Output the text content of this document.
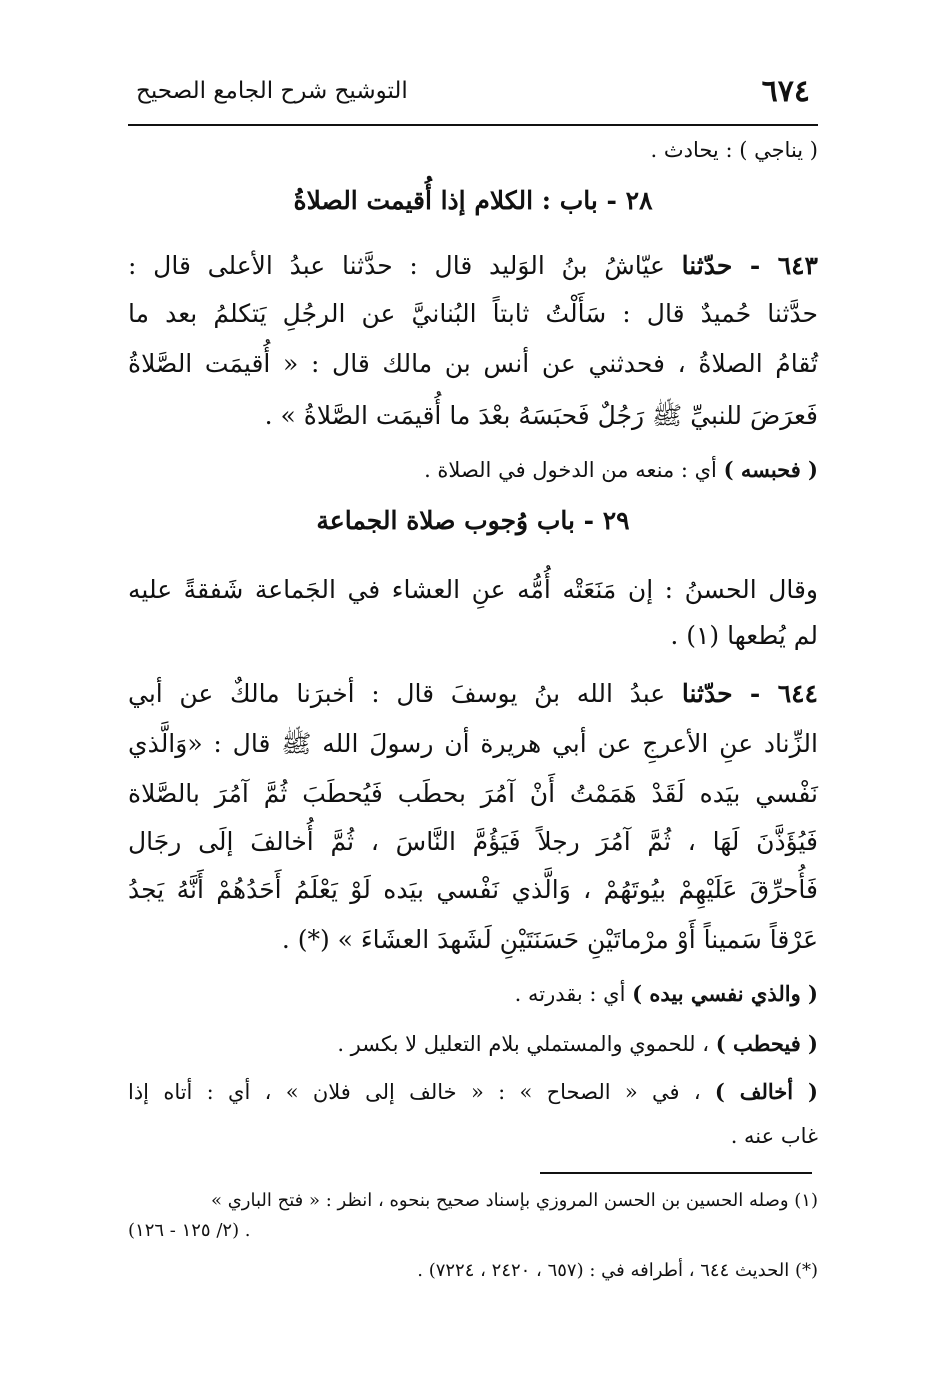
٦٧٤
التوشيح شرح الجامع الصحيح
( يناجي ) : يحادث .
٢٨ - باب : الكلام إذا أُقيمت الصلاةُ
٦٤٣ - حدّثنا عيّاشُ بنُ الوَليد قال : حدَّثنا عبدُ الأعلى قال :
حدَّثنا حُميدٌ قال : سَأَلْتُ ثابتاً البُنانيَّ عن الرجُلِ يَتكلمُ بعد ما
تُقامُ الصلاةُ ، فحدثني عن أنس بن مالك قال : « أُقيمَت الصَّلاةُ
فَعرَضَ للنبيِّ ﷺ رَجُلٌ فَحبَسَهُ بعْدَ ما أُقيمَت الصَّلاةُ » .
( فحبسه ) أي : منعه من الدخول في الصلاة .
٢٩ - باب وُجوب صلاة الجماعة
وقال الحسنُ : إن مَنَعَتْه أُمُّه عنِ العشاء في الجَماعة شَفقةً عليه
لم يُطعها (١) .
٦٤٤ - حدّثنا عبدُ الله بنُ يوسفَ قال : أخبرَنا مالكٌ عن أبي
الزِّناد عنِ الأعرجِ عن أبي هريرة أن رسولَ الله ﷺ قال : «وَالَّذي
نَفْسي بيَده لَقَدْ هَمَمْتُ أَنْ آمُرَ بحطَب فَيُحطَبَ ثُمَّ آمُرَ بالصَّلاة
فَيُؤَذَّنَ لَهَا ، ثُمَّ آمُرَ رجلاً فَيَؤُمَّ النَّاسَ ، ثُمَّ أُخالفَ إلَى رجَال
فَأُحرِّقَ عَلَيْهِمْ بيُوتَهُمْ ، وَالَّذي نَفْسي بيَده لَوْ يَعْلَمُ أَحَدُهُمْ أَنَّهُ يَجدُ
عَرْقاً سَميناً أَوْ مرْماتَيْنِ حَسَنَتَيْنِ لَشَهدَ العشَاءَ » (*) .
( والذي نفسي بيده ) أي : بقدرته .
( فيحطب ) ، للحموي والمستملي بلام التعليل لا بكسر .
( أخالف ) ، في « الصحاح » : « خالف إلى فلان » ، أي : أتاه إذا
غاب عنه .
(١) وصله الحسين بن الحسن المروزي بإسناد صحيح بنحوه ، انظر : « فتح الباري »
(٢/ ١٢٥ - ١٢٦) .
(*) الحديث ٦٤٤ ، أطرافه في : (٦٥٧ ، ٢٤٢٠ ، ٧٢٢٤) .
